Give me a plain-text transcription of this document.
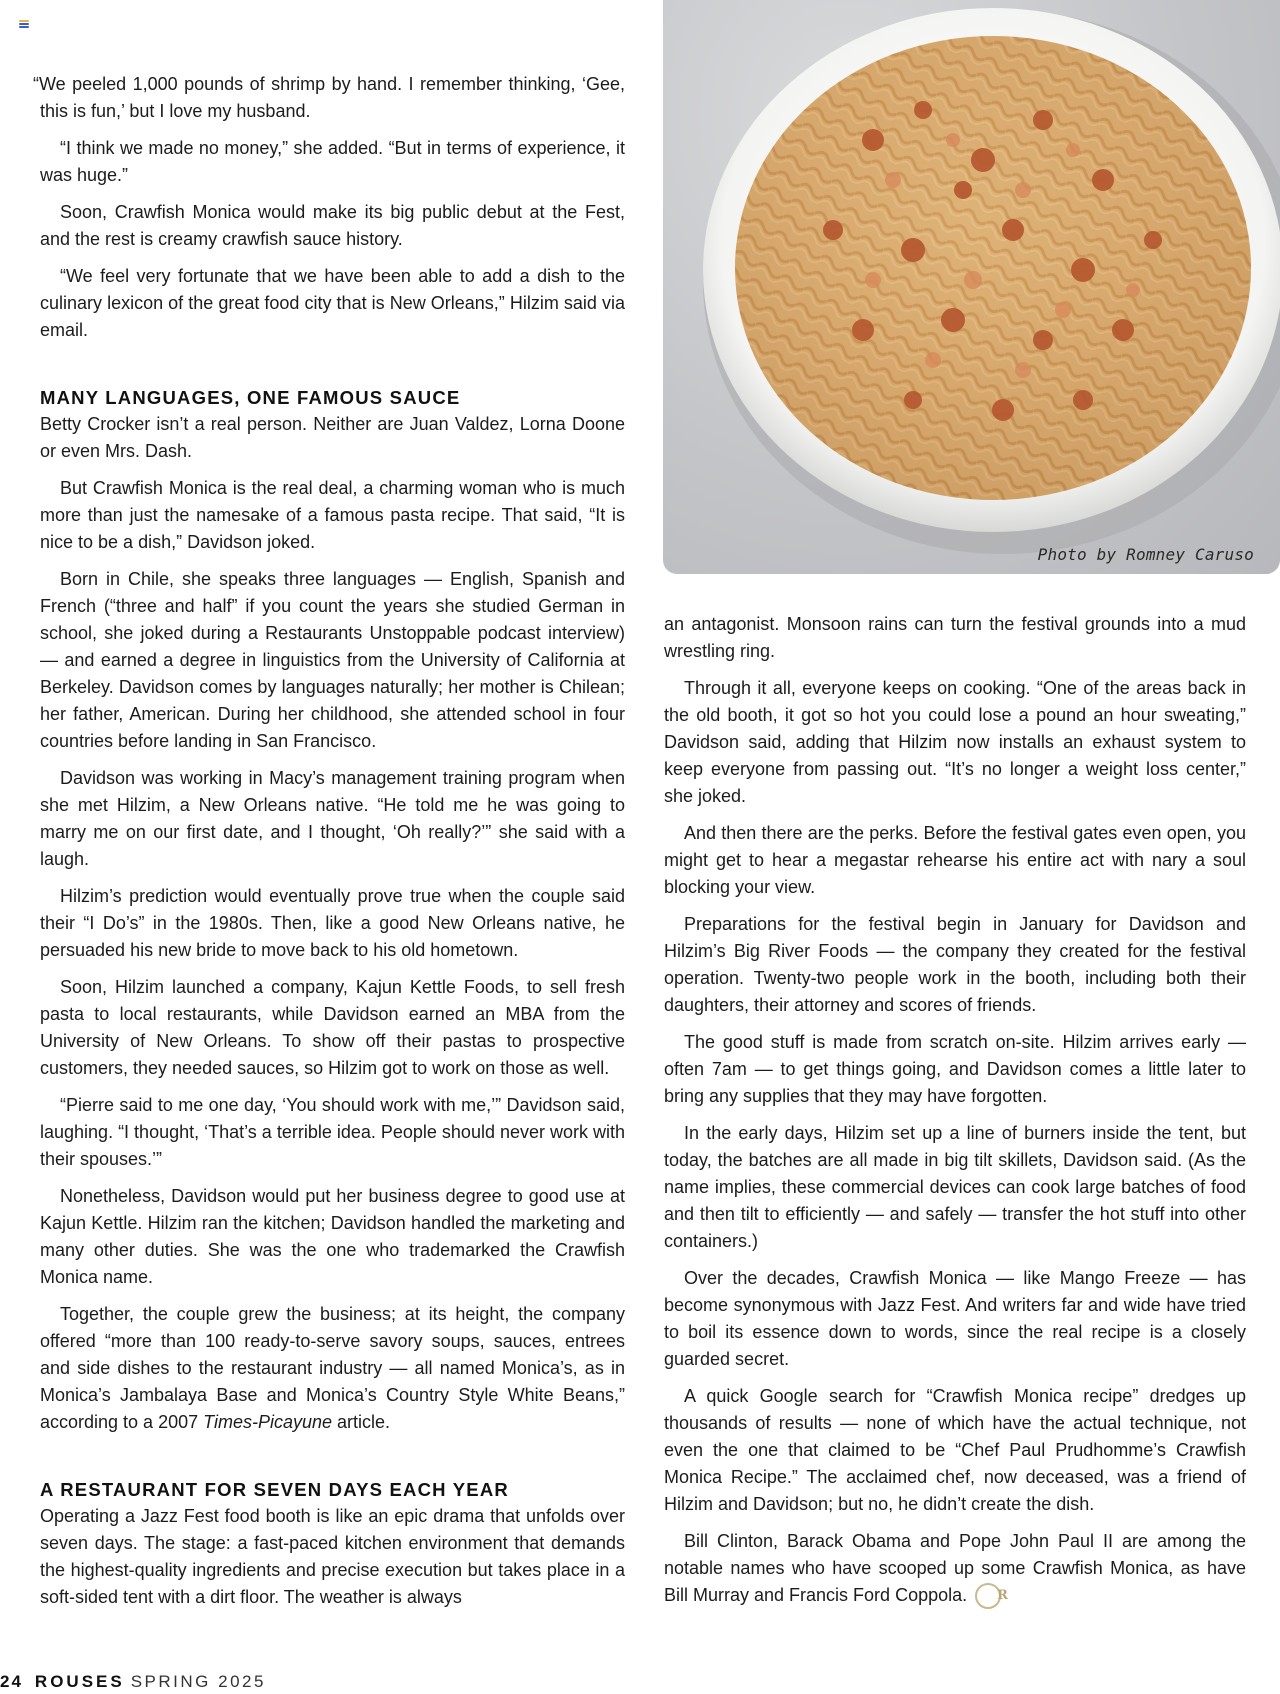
“We peeled 1,000 pounds of shrimp by hand. I remember thinking, ‘Gee, this is fun,’ but I love my husband.

“I think we made no money,” she added. “But in terms of experience, it was huge.”

Soon, Crawfish Monica would make its big public debut at the Fest, and the rest is creamy crawfish sauce history.

“We feel very fortunate that we have been able to add a dish to the culinary lexicon of the great food city that is New Orleans,” Hilzim said via email.

MANY LANGUAGES, ONE FAMOUS SAUCE

Betty Crocker isn’t a real person. Neither are Juan Valdez, Lorna Doone or even Mrs. Dash.

But Crawfish Monica is the real deal, a charming woman who is much more than just the namesake of a famous pasta recipe. That said, “It is nice to be a dish,” Davidson joked.

Born in Chile, she speaks three languages — English, Spanish and French (“three and half” if you count the years she studied German in school, she joked during a Restaurants Unstoppable podcast interview) — and earned a degree in linguistics from the University of California at Berkeley. Davidson comes by languages naturally; her mother is Chilean; her father, American. During her childhood, she attended school in four countries before landing in San Francisco.

Davidson was working in Macy’s management training program when she met Hilzim, a New Orleans native. “He told me he was going to marry me on our first date, and I thought, ‘Oh really?’” she said with a laugh.

Hilzim’s prediction would eventually prove true when the couple said their “I Do’s” in the 1980s. Then, like a good New Orleans native, he persuaded his new bride to move back to his old hometown.

Soon, Hilzim launched a company, Kajun Kettle Foods, to sell fresh pasta to local restaurants, while Davidson earned an MBA from the University of New Orleans. To show off their pastas to prospective customers, they needed sauces, so Hilzim got to work on those as well.

“Pierre said to me one day, ‘You should work with me,’” Davidson said, laughing. “I thought, ‘That’s a terrible idea. People should never work with their spouses.’”

Nonetheless, Davidson would put her business degree to good use at Kajun Kettle. Hilzim ran the kitchen; Davidson handled the marketing and many other duties. She was the one who trademarked the Crawfish Monica name.

Together, the couple grew the business; at its height, the company offered “more than 100 ready-to-serve savory soups, sauces, entrees and side dishes to the restaurant industry — all named Monica’s, as in Monica’s Jambalaya Base and Monica’s Country Style White Beans,” according to a 2007 Times-Picayune article.

A RESTAURANT FOR SEVEN DAYS EACH YEAR

Operating a Jazz Fest food booth is like an epic drama that unfolds over seven days. The stage: a fast-paced kitchen environment that demands the highest-quality ingredients and precise execution but takes place in a soft-sided tent with a dirt floor. The weather is always

Photo by Romney Caruso

an antagonist. Monsoon rains can turn the festival grounds into a mud wrestling ring.

Through it all, everyone keeps on cooking. “One of the areas back in the old booth, it got so hot you could lose a pound an hour sweating,” Davidson said, adding that Hilzim now installs an exhaust system to keep everyone from passing out. “It’s no longer a weight loss center,” she joked.

And then there are the perks. Before the festival gates even open, you might get to hear a megastar rehearse his entire act with nary a soul blocking your view.

Preparations for the festival begin in January for Davidson and Hilzim’s Big River Foods — the company they created for the festival operation. Twenty-two people work in the booth, including both their daughters, their attorney and scores of friends.

The good stuff is made from scratch on-site. Hilzim arrives early — often 7am — to get things going, and Davidson comes a little later to bring any supplies that they may have forgotten.

In the early days, Hilzim set up a line of burners inside the tent, but today, the batches are all made in big tilt skillets, Davidson said. (As the name implies, these commercial devices can cook large batches of food and then tilt to efficiently — and safely — transfer the hot stuff into other containers.)

Over the decades, Crawfish Monica — like Mango Freeze — has become synonymous with Jazz Fest. And writers far and wide have tried to boil its essence down to words, since the real recipe is a closely guarded secret.

A quick Google search for “Crawfish Monica recipe” dredges up thousands of results — none of which have the actual technique, not even the one that claimed to be “Chef Paul Prudhomme’s Crawfish Monica Recipe.” The acclaimed chef, now deceased, was a friend of Hilzim and Davidson; but no, he didn’t create the dish.

Bill Clinton, Barack Obama and Pope John Paul II are among the notable names who have scooped up some Crawfish Monica, as have Bill Murray and Francis Ford Coppola. R

24 ROUSES SPRING 2025
